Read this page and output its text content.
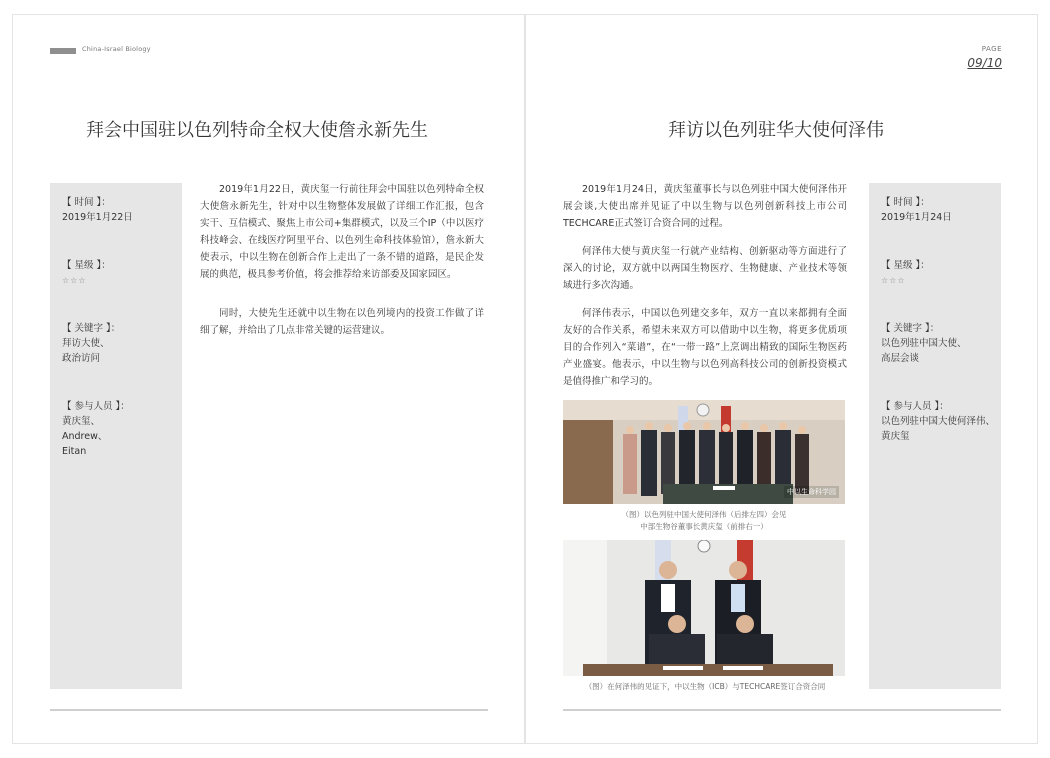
China-Israel Biology	PAGE
09/10
拜会中国驻以色列特命全权大使詹永新先生
【 时间 】：
2019年1月22日
【 星级 】：
☆☆☆
【 关键字 】：
拜访大使、
政治访问
【 参与人员 】：
黄庆玺、
Andrew、
Eitan

2019年1月22日，黄庆玺一行前往拜会中国驻以色列特命全权大使詹永新先生，针对中以生物整体发展做了详细工作汇报，包含实干、互信模式、聚焦上市公司+集群模式，以及三个IP（中以医疗科技峰会、在线医疗阿里平台、以色列生命科技体验馆），詹永新大使表示，中以生物在创新合作上走出了一条不错的道路，是民企发展的典范，极具参考价值，将会推荐给来访部委及国家园区。

同时，大使先生还就中以生物在以色列境内的投资工作做了详细了解，并给出了几点非常关键的运营建议。

拜访以色列驻华大使何泽伟

2019年1月24日，黄庆玺董事长与以色列驻中国大使何泽伟开展会谈,大使出席并见证了中以生物与以色列创新科技上市公司TECHCARE正式签订合资合同的过程。

何泽伟大使与黄庆玺一行就产业结构、创新驱动等方面进行了深入的讨论，双方就中以两国生物医疗、生物健康、产业技术等领域进行多次沟通。

何泽伟表示，中国以色列建交多年，双方一直以来都拥有全面友好的合作关系，希望未来双方可以借助中以生物，将更多优质项目的合作列入“菜谱”，在“一带一路”上烹调出精致的国际生物医药产业盛宴。他表示，中以生物与以色列高科技公司的创新投资模式是值得推广和学习的。

中以生命科学园
（图）以色列驻中国大使何泽伟（后排左四）会见
中部生物谷董事长黄庆玺（前排右一）
（图）在何泽伟的见证下，中以生物（ICB）与TECHCARE签订合资合同
【 时间 】：
2019年1月24日
【 星级 】：
☆☆☆
【 关键字 】：
以色列驻中国大使、
高层会谈
【 参与人员 】：
以色列驻中国大使何泽伟、
黄庆玺
